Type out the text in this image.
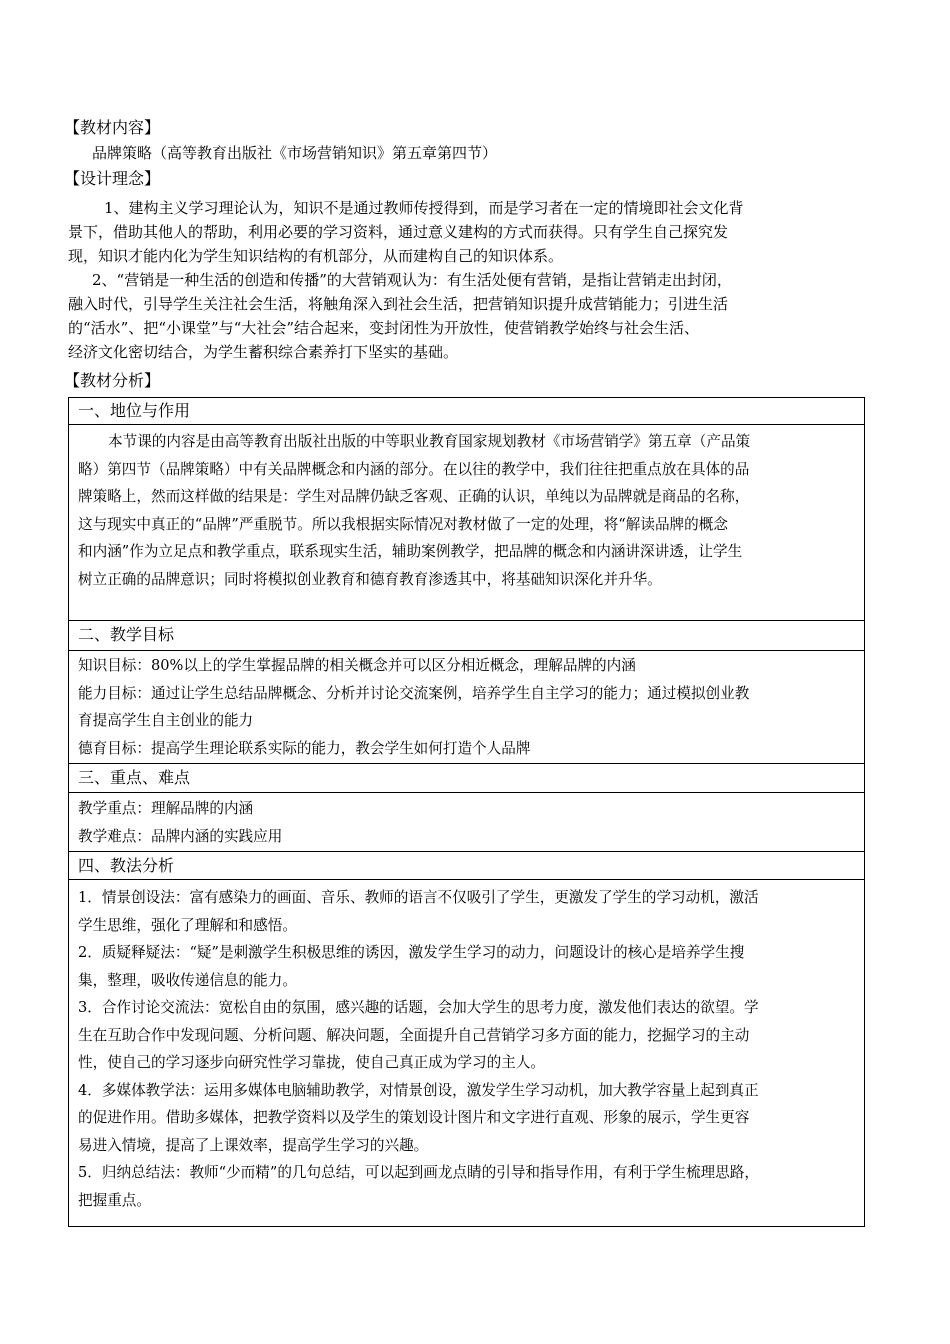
【教材内容】
品牌策略（高等教育出版社《市场营销知识》第五章第四节）
【设计理念】
1、建构主义学习理论认为，知识不是通过教师传授得到，而是学习者在一定的情境即社会文化背
景下，借助其他人的帮助，利用必要的学习资料，通过意义建构的方式而获得。只有学生自己探究发
现，知识才能内化为学生知识结构的有机部分，从而建构自己的知识体系。
2、“营销是一种生活的创造和传播”的大营销观认为：有生活处便有营销，是指让营销走出封闭，
融入时代，引导学生关注社会生活，将触角深入到社会生活，把营销知识提升成营销能力；引进生活
的“活水”、把“小课堂”与“大社会”结合起来，变封闭性为开放性，使营销教学始终与社会生活、
经济文化密切结合，为学生蓄积综合素养打下坚实的基础。
【教材分析】
一、地位与作用
本节课的内容是由高等教育出版社出版的中等职业教育国家规划教材《市场营销学》第五章（产品策
略）第四节（品牌策略）中有关品牌概念和内涵的部分。在以往的教学中，我们往往把重点放在具体的品
牌策略上，然而这样做的结果是：学生对品牌仍缺乏客观、正确的认识，单纯以为品牌就是商品的名称，
这与现实中真正的“品牌”严重脱节。所以我根据实际情况对教材做了一定的处理，将“解读品牌的概念
和内涵”作为立足点和教学重点，联系现实生活，辅助案例教学，把品牌的概念和内涵讲深讲透，让学生
树立正确的品牌意识；同时将模拟创业教育和德育教育渗透其中，将基础知识深化并升华。
二、教学目标
知识目标：80%以上的学生掌握品牌的相关概念并可以区分相近概念，理解品牌的内涵
能力目标：通过让学生总结品牌概念、分析并讨论交流案例，培养学生自主学习的能力；通过模拟创业教
育提高学生自主创业的能力
德育目标：提高学生理论联系实际的能力，教会学生如何打造个人品牌
三、重点、难点
教学重点：理解品牌的内涵
教学难点：品牌内涵的实践应用
四、教法分析
1．情景创设法：富有感染力的画面、音乐、教师的语言不仅吸引了学生，更激发了学生的学习动机，激活
学生思维，强化了理解和和感悟。
2．质疑释疑法：“疑”是刺激学生积极思维的诱因，激发学生学习的动力，问题设计的核心是培养学生搜
集，整理，吸收传递信息的能力。
3．合作讨论交流法：宽松自由的氛围，感兴趣的话题，会加大学生的思考力度，激发他们表达的欲望。学
生在互助合作中发现问题、分析问题、解决问题，全面提升自己营销学习多方面的能力，挖掘学习的主动
性，使自己的学习逐步向研究性学习靠拢，使自己真正成为学习的主人。
4．多媒体教学法：运用多媒体电脑辅助教学，对情景创设，激发学生学习动机，加大教学容量上起到真正
的促进作用。借助多媒体，把教学资料以及学生的策划设计图片和文字进行直观、形象的展示，学生更容
易进入情境，提高了上课效率，提高学生学习的兴趣。
5．归纳总结法：教师“少而精”的几句总结，可以起到画龙点睛的引导和指导作用，有利于学生梳理思路，
把握重点。
